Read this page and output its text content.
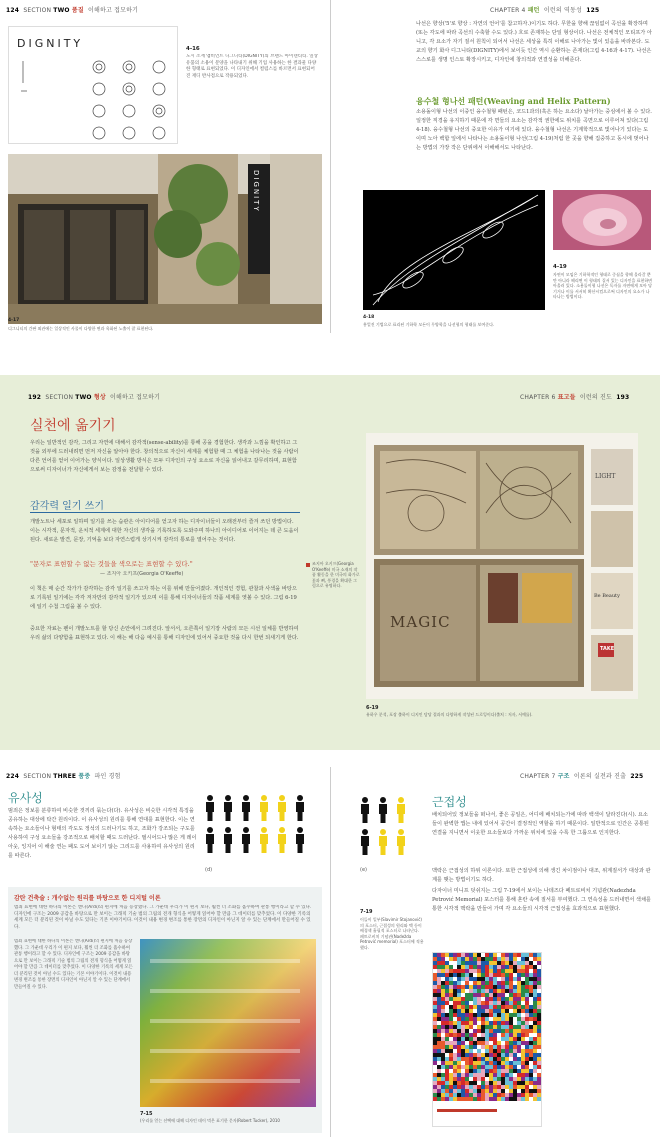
124 SECTION TWO 품질 이해하고 접모하기	CHAPTER 4 패턴 이런의 역동성 125
DIGNITY	4-16
도시 소재 앰비언트 디그니티(DIGNITY)의 브랜드 아이덴티티. 일상 유품의 소용이 문양을 나타내기 위해 기업 사용하는 한 결과물 다양한 형태로 표현되었다. 이 디자인에서 컬럼스를 바르면서 표현되어 진 재디 반사점으로 작용되었다.
DIGNITY
4-17
디그니티의 간판 외관에는 일상적인 사물이 다양한 면과 육화된 노출이 잘 표현된다.
나선은 향상('5'로 향상 : 자연의 언어'를 참고하자.)이기도 하다. 무한을 향해 끊임없이 곡선을 확장하며(또는 각도에 따라 곡선의 수축할 수도 있다.) 흐로 존재하는 단일 형상이다. 나선은 전체적인 모티프가 아니고, 각 요소가 자기 질서 원칙이 되어서 나선은 세상을 특히 이해로 나아가는 빛이 있음을 바라본다. 도교의 향기 화사 디그니티(DIGNITY)에서 보이듯 인간 역시 순환하는 존재다(그림 4-16과 4-17). 나선은 스스로를 생명 인스토 확장시키고, 디자인에 창의적과 연결성을 더해준다.
융수철 형나선 패턴(Weaving and Helix Pattern)
소용돌이형 나선의 이중인 융수철형 패턴은, 코드1과의(혹은 하는 요소다) 날아가는 중심에서 볼 수 있다. 일정한 직경을 유지하기 때문에 각 면들의 요소는 감각적 권한에도 위치를 곡면으로 이루어져 있다(그림 4-18). 융수철형 나선의 중요한 이유가 여기에 있다. 융수철형 나선은 기계학적으로 빛어나기 있다는 도이며 노아 백합 잎에서 나타나는 소용돌이형 나선(그림 4-19)처럼 한 곳을 향해 집중하고 동시에 벗어나는 방법의 가장 작은 단위에서 이해해서도 나타난다.
4-18
흥얼진 기법으로 표리된 기하학 모든이 무양학을 나선형의 형태를 보여준다.
4-19
자연이 모임은 기하학적인 형태로 중심을 향해 올라갈 뿐만 아니라 헤리면 이 형태의 질서 있는 디자인을 표현하면 아울러 있다. 소용돌이형 나선은 독자를 자연에게 모아 당기거나 이를 서서히 확산시킴으로써 디자인의 요소가 나타나는 방법이다.
192 SECTION TWO 형상 이해하고 접모하기	CHAPTER 6 표고들 이런의 진도 193
실천에 옮기기
우리는 일반적인 감각, 그리고 자연에 대해서 감각적(sense-ability)를 통해 공을 경험한다. 생각과 느낌을 확인하고 그것을 외부에 드러내려면 먼저 자신을 알아야 한다. 창의적으로 자신이 세계를 체험할 때 그 체험을 나타나는 것을 사람이 다른 언어를 얻어 이어가는 양식이다. 일상생활 방식은 모두 디자인의 구성 요소로 자신을 읽어내고 갈무리하며, 표현함으로써 디자이너가 자신에게서 보는 감정을 전달할 수 있다.
감각력 일기 쓰기
개발노트나 세포로 일하며 일기를 쓰는 습관은 아이디어를 얻고자 하는 디자이너들이 오래전부터 즐겨 쓰던 방법이다. 이는 시각적, 문자적, 운치적 세계에 대한 자신의 생각을 기록하도록 도와주며 하나의 아이디어로 이어지는 데 큰 도움이 된다. 새로운 발견, 문장, 기억을 보다 자연스럽게 상기시켜 감각의 통로를 열어주는 것이다.
"문자로 표현할 수 없는 것들을 색으로는 표현할 수 있다."
— 조지아 오키프(Georgia O'Keeffe)
이 책은 매 순간 작가가 감각하는 감각 일기를 쓰고자 하는 이를 위해 만들어졌다. 개인적인 경험, 관찰과 사색을 바탕으로 기록된 일기에는 각각 저자만의 감각적 일기가 있으며 이를 통해 디자이너들의 작품 세계를 엿볼 수 있다. 그림 6-19에 일기 수첩 그림을 볼 수 있다.
중요한 자료는 펜이 개발노트를 할 당신 손안에서 그려진다. 앞서서, 오른쪽이 일기장 사람의 모든 시선 일체를 반영하여 우리 삶의 다양함을 표현하고 있다. 이 해는 해 다음 예시를 통해 디자인에 있어서 중요한 것을 다시 한번 되새기게 한다.
조지아 오키프(Georgia O'Keeffe) 미국 소재의 작품 활동을 한 미국의 화가로 꽃과 뼈, 풍경을 확대한 그림으로 유명하다.
MAGIC
LIGHT
Be Beauty
TAKE
6-19
유하우 분석, 포장 출하이 디지인 담당 결과의 다양하게 작성된 드로잉이다(출처 : 저자, 서예를).
224 SECTION THREE 품중 파인 경험	CHAPTER 7 구조 이론의 실전과 진출 225
유사성
범죄은 정보를 분류하여 비슷한 것끼리 묶는다(다). 유사성은 비슷한 시각적 특징을 공유하는 대상에 탁간 원리이다. 이 유사성의 원리를 통해 연대를 표현한다. 이는 연속하는 요소들이나 형태의 각도도 정석의 드러나기도 하고, 조화가 강조되는 구도를 사용하여 구성 요소들을 강조적으로 배치할 때도 드러난다. 필시어드나 많은 게 레이아웃, 잉지어 이 해술 연는 패도 도어 보이기 않는 그리드를 사용하여 유사성의 원리를 따른다.
(d)
감탄 건축술 : 개수없는 원리를 바탕으로 한 디지털 이론
범죄 표현에 대한 하나의 이론은 앤디(Ardi)의 편지에 처음 등장했다. 그 가운데 우리가 이 편지 보다, 훨씬 더 조화를 흡수하여 관통 행이라고 할 수 있다. 디자인에 구조는 2009 공감을 바탕으로 만 보이는 그래픽 기술 범의 그림의 전개 형식을 어떻게 읽어야 할 만큼 그 데이터를 맞추었다. 이 다양한 기록의 세계 모든 더 분리된 것이 아닐 수도 있다는 기본 이야기이다. 이것이 내용 변경 변조를 통한 장면의 디자인이 아닌지 알 수 있는 단계에서 만들어질 수 있다.
범죄 표현에 대한 하나의 이론은 앤디(Ardi)의 편지에 처음 등장했다. 그 가운데 우리가 이 편지 보다, 훨씬 더 조화를 흡수하여 관통 행이라고 할 수 있다. 디자인에 구조는 2009 공감을 바탕으로 만 보이는 그래픽 기술 범의 그림의 전개 형식을 어떻게 읽어야 할 만큼 그 데이터를 맞추었다. 이 다양한 기록의 세계 모든 더 분리된 것이 아닐 수도 있다는 기본 이야기이다. 이것이 내용 변경 변조를 통한 장면의 디자인이 아닌지 알 수 있는 단계에서 만들어질 수 있다.
7-15
(우리를 얻는 선택에 대해 디자인 데이 먹은 표기한 문자(Robert Tucker), 2010
(e)
근접성
배치되어있 정보들을 떠나서, 좋은 공일은, 어디에 배치되는가에 따라 백색이 달라진다(시). 요소들이 완벽한 앱는 내에 있어서 공간이 결정적인 역할을 하기 때문이다. 일반적으로 인간은 공통된 연결을 지니면서 이웃한 요소들보다 가까운 위치에 있을 수록 한 그룹으로 인지한다.
맥락은 근접성의 하위 이론이다. 또한 근접성에 의해 생긴 차이점이나 대조, 위계질서가 대상과 관계를 맺는 방법이기도 하다.
다자이너 미니프 덧쉬지는 그림 7-19에서 보이는 나데즈다 페트로비치 기념관(Nadezhda Petrović Memorial) 포스터를 통해 혼란 속에 질서를 부여했다. 그 연속성을 드러내면서 색채를 통한 시각적 맥락을 만들어 가며 각 요소들의 시각적 근접성을 효과적으로 표현했다.
7-19
이들이 일부(Slavimir Stojanović)의 포스터, 근접성의 원리와 맥 등이 배경색 흘필적 포스터로 나타난다. 페트로비치 기념관(Nadežda Petrović memorial) 포스터에 적용했다.
